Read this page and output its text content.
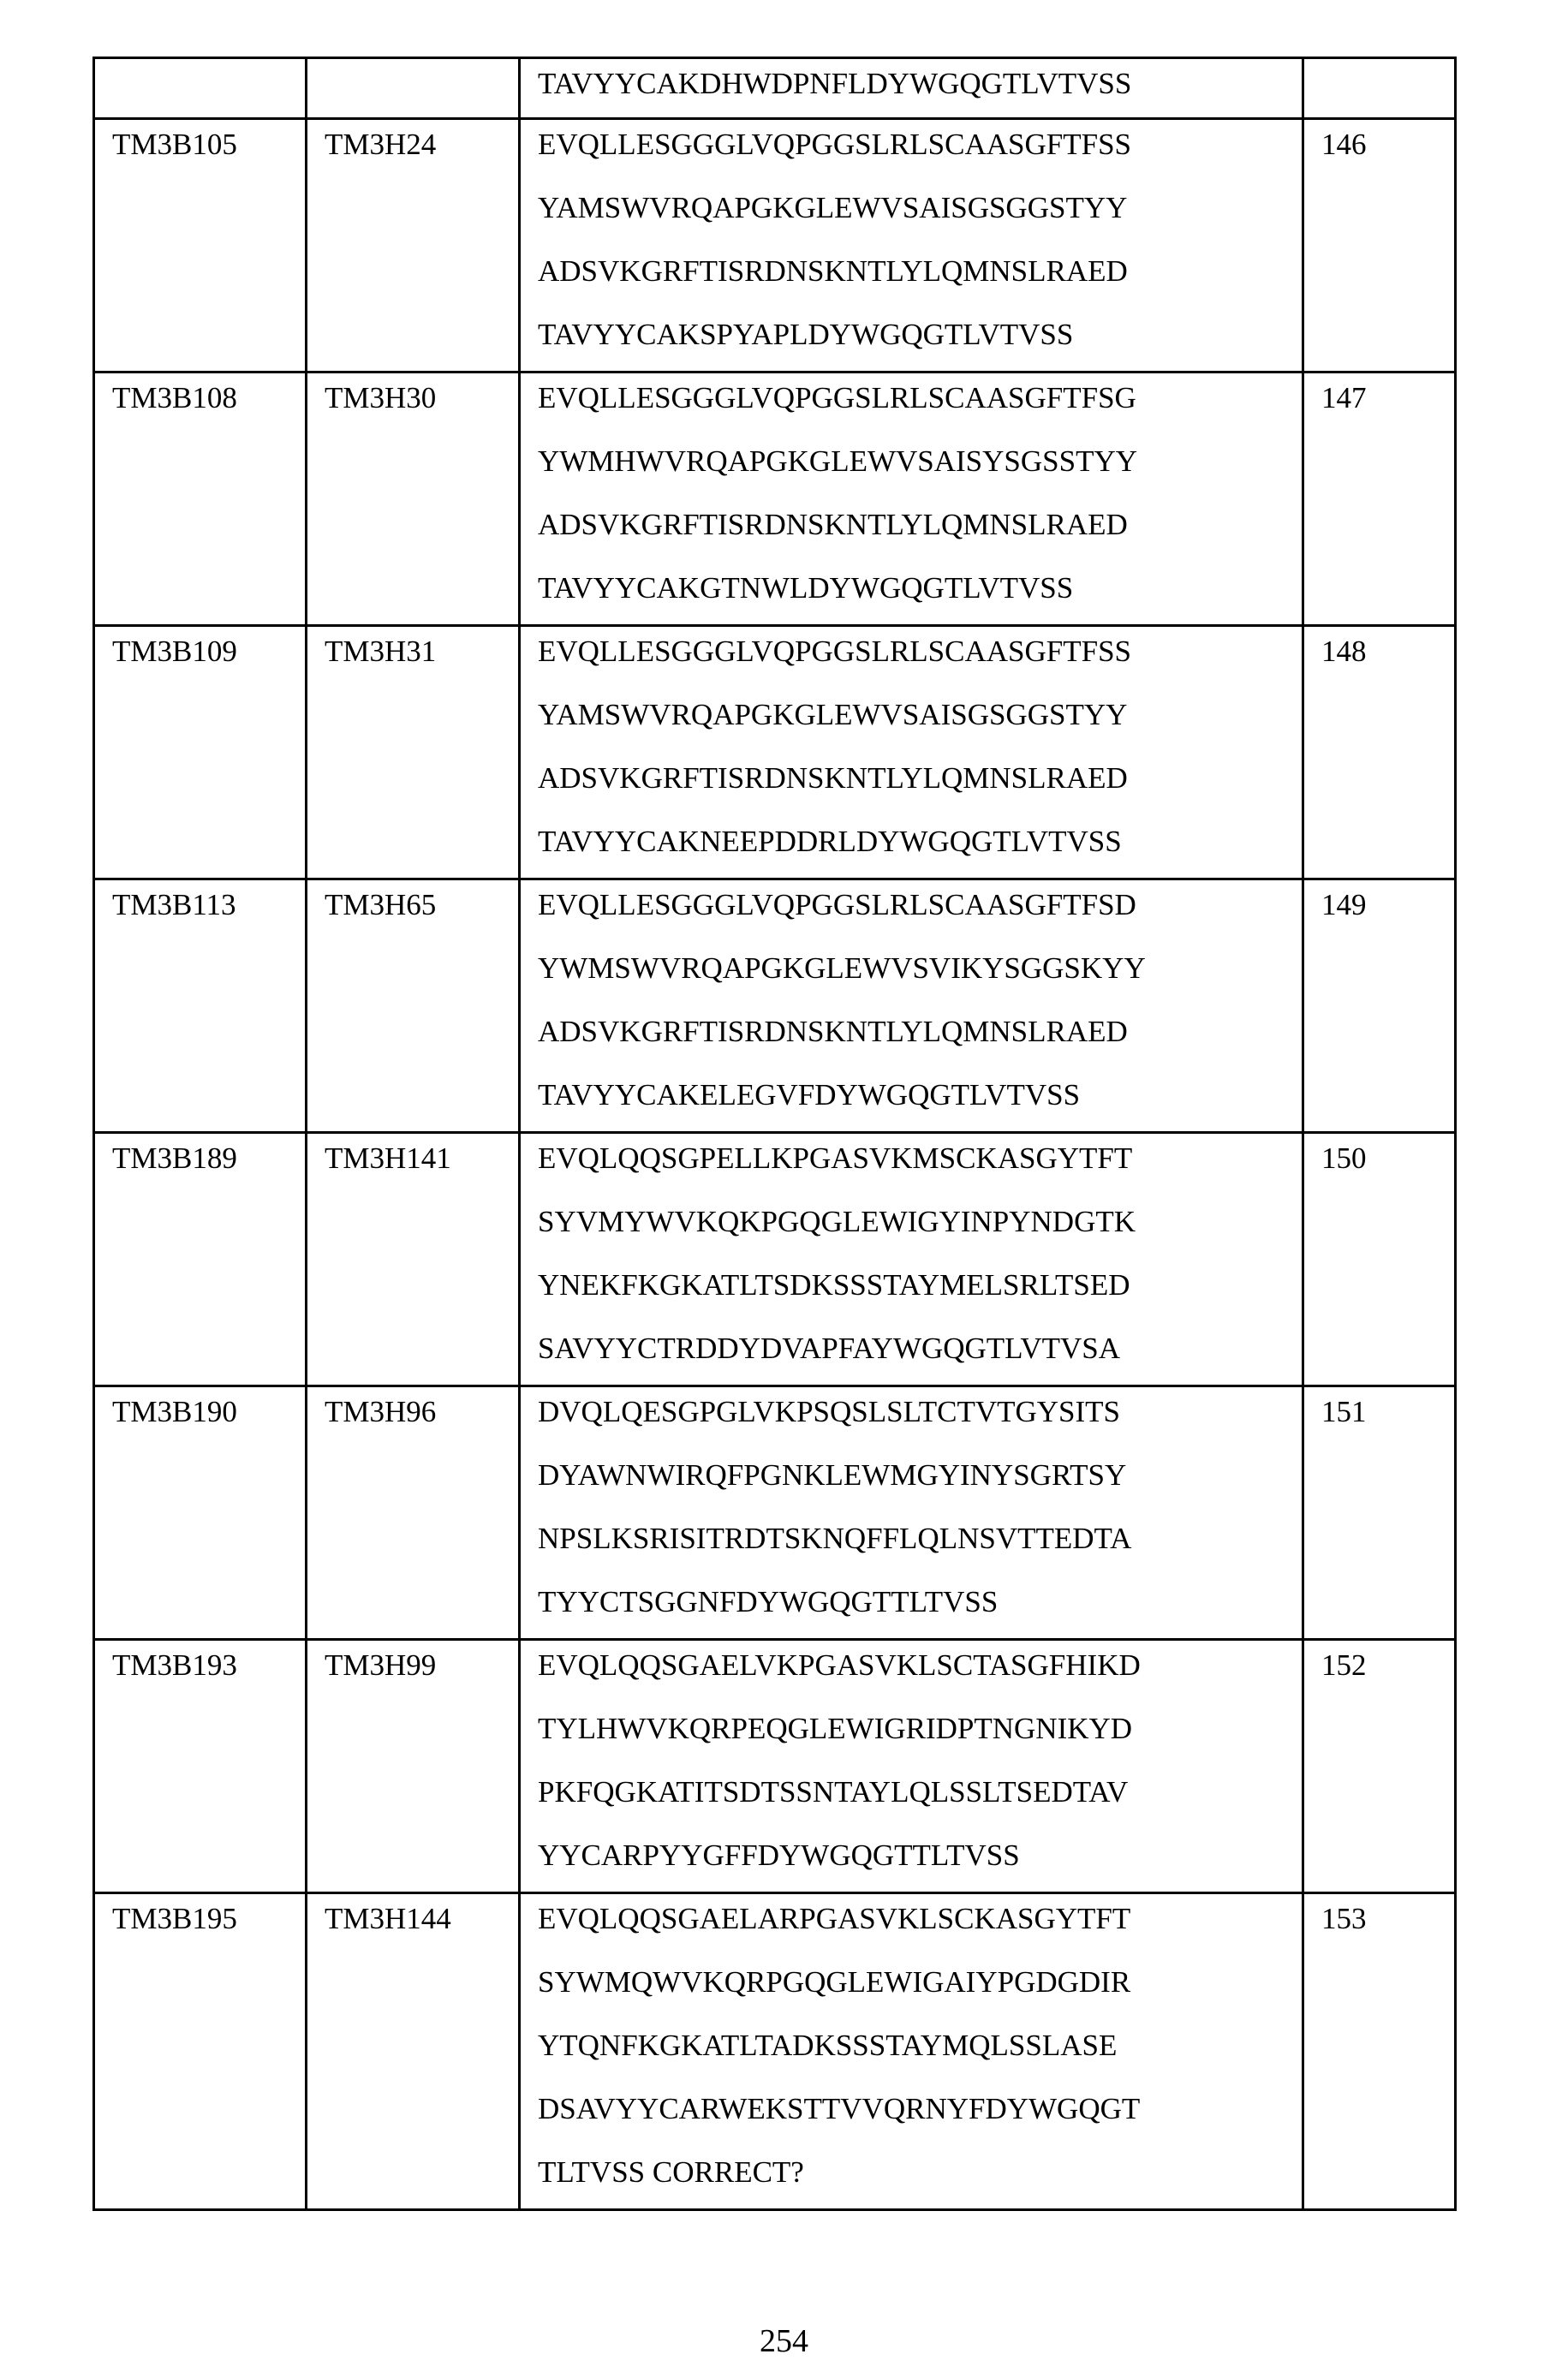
TAVYYCAKDHWDPNFLDYWGQGTLVTVSS

TM3B105	TM3H24	EVQLLESGGGLVQPGGSLRLSCAASGFTFSS
YAMSWVRQAPGKGLEWVSAISGSGGSTYY
ADSVKGRFTISRDNSKNTLYLQMNSLRAED
TAVYYCAKSPYAPLDYWGQGTLVTVSS

146

TM3B108	TM3H30	EVQLLESGGGLVQPGGSLRLSCAASGFTFSG
YWMHWVRQAPGKGLEWVSAISYSGSSTYY
ADSVKGRFTISRDNSKNTLYLQMNSLRAED
TAVYYCAKGTNWLDYWGQGTLVTVSS

147

TM3B109	TM3H31	EVQLLESGGGLVQPGGSLRLSCAASGFTFSS
YAMSWVRQAPGKGLEWVSAISGSGGSTYY
ADSVKGRFTISRDNSKNTLYLQMNSLRAED
TAVYYCAKNEEPDDRLDYWGQGTLVTVSS

148

TM3B113	TM3H65	EVQLLESGGGLVQPGGSLRLSCAASGFTFSD
YWMSWVRQAPGKGLEWVSVIKYSGGSKYY
ADSVKGRFTISRDNSKNTLYLQMNSLRAED
TAVYYCAKELEGVFDYWGQGTLVTVSS

149

TM3B189	TM3H141	EVQLQQSGPELLKPGASVKMSCKASGYTFT
SYVMYWVKQKPGQGLEWIGYINPYNDGTK
YNEKFKGKATLTSDKSSSTAYMELSRLTSED
SAVYYCTRDDYDVAPFAYWGQGTLVTVSA

150

TM3B190	TM3H96	DVQLQESGPGLVKPSQSLSLTCTVTGYSITS
DYAWNWIRQFPGNKLEWMGYINYSGRTSY
NPSLKSRISITRDTSKNQFFLQLNSVTTEDTA
TYYCTSGGNFDYWGQGTTLTVSS

151

TM3B193	TM3H99	EVQLQQSGAELVKPGASVKLSCTASGFHIKD
TYLHWVKQRPEQGLEWIGRIDPTNGNIKYD
PKFQGKATITSDTSSNTAYLQLSSLTSEDTAV
YYCARPYYGFFDYWGQGTTLTVSS

152

TM3B195	TM3H144	EVQLQQSGAELARPGASVKLSCKASGYTFT
SYWMQWVKQRPGQGLEWIGAIYPGDGDIR
YTQNFKGKATLTADKSSSTAYMQLSSLASE
DSAVYYCARWEKSTTVVQRNYFDYWGQGT
TLTVSS CORRECT?

153
254
